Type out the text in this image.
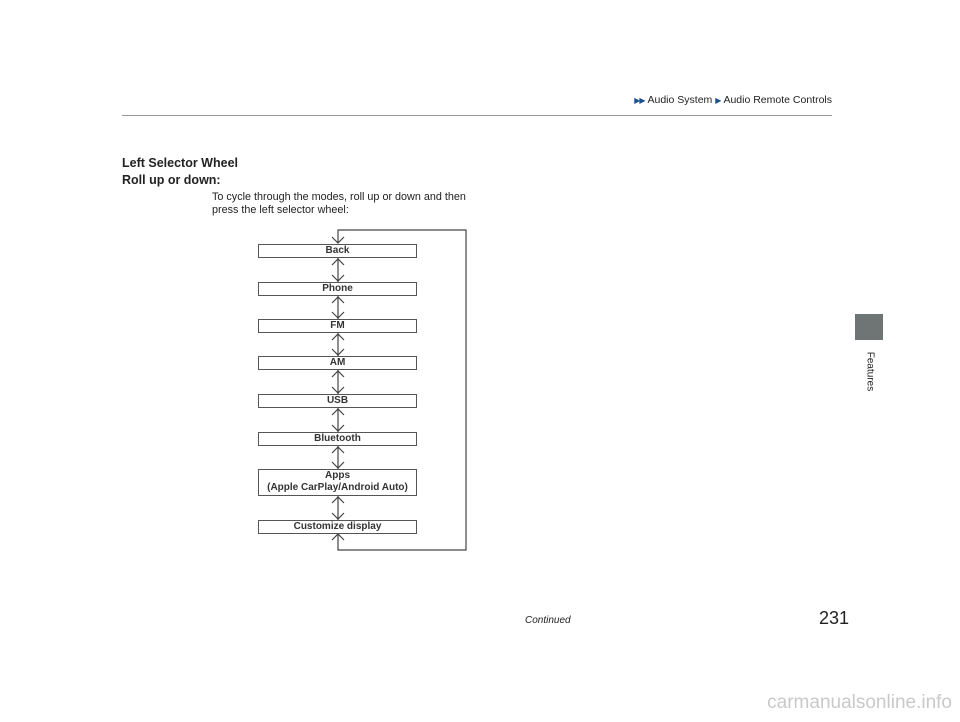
▶▶ Audio System ▶ Audio Remote Controls
Features
Left Selector Wheel
Roll up or down:
To cycle through the modes, roll up or down and then press the left selector wheel:
Back
Phone
FM
AM
USB
Bluetooth
Apps
(Apple CarPlay/Android Auto)
Customize display
Continued	231
carmanualsonline.info
